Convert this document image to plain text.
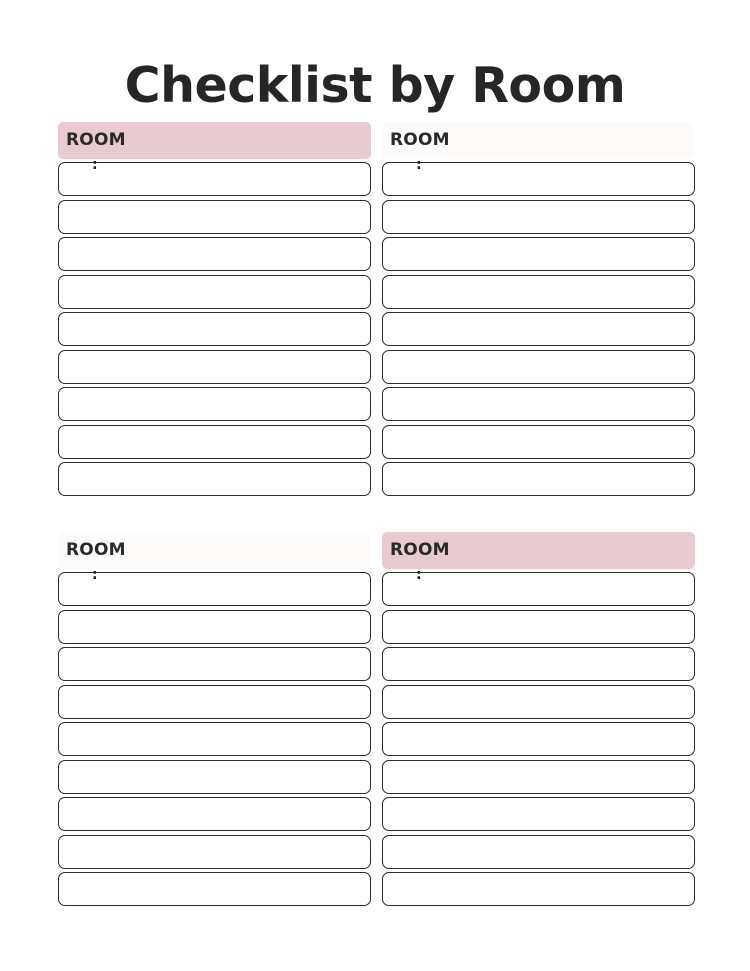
Checklist by Room
ROOM
:
ROOM
:
ROOM
:
ROOM
:
